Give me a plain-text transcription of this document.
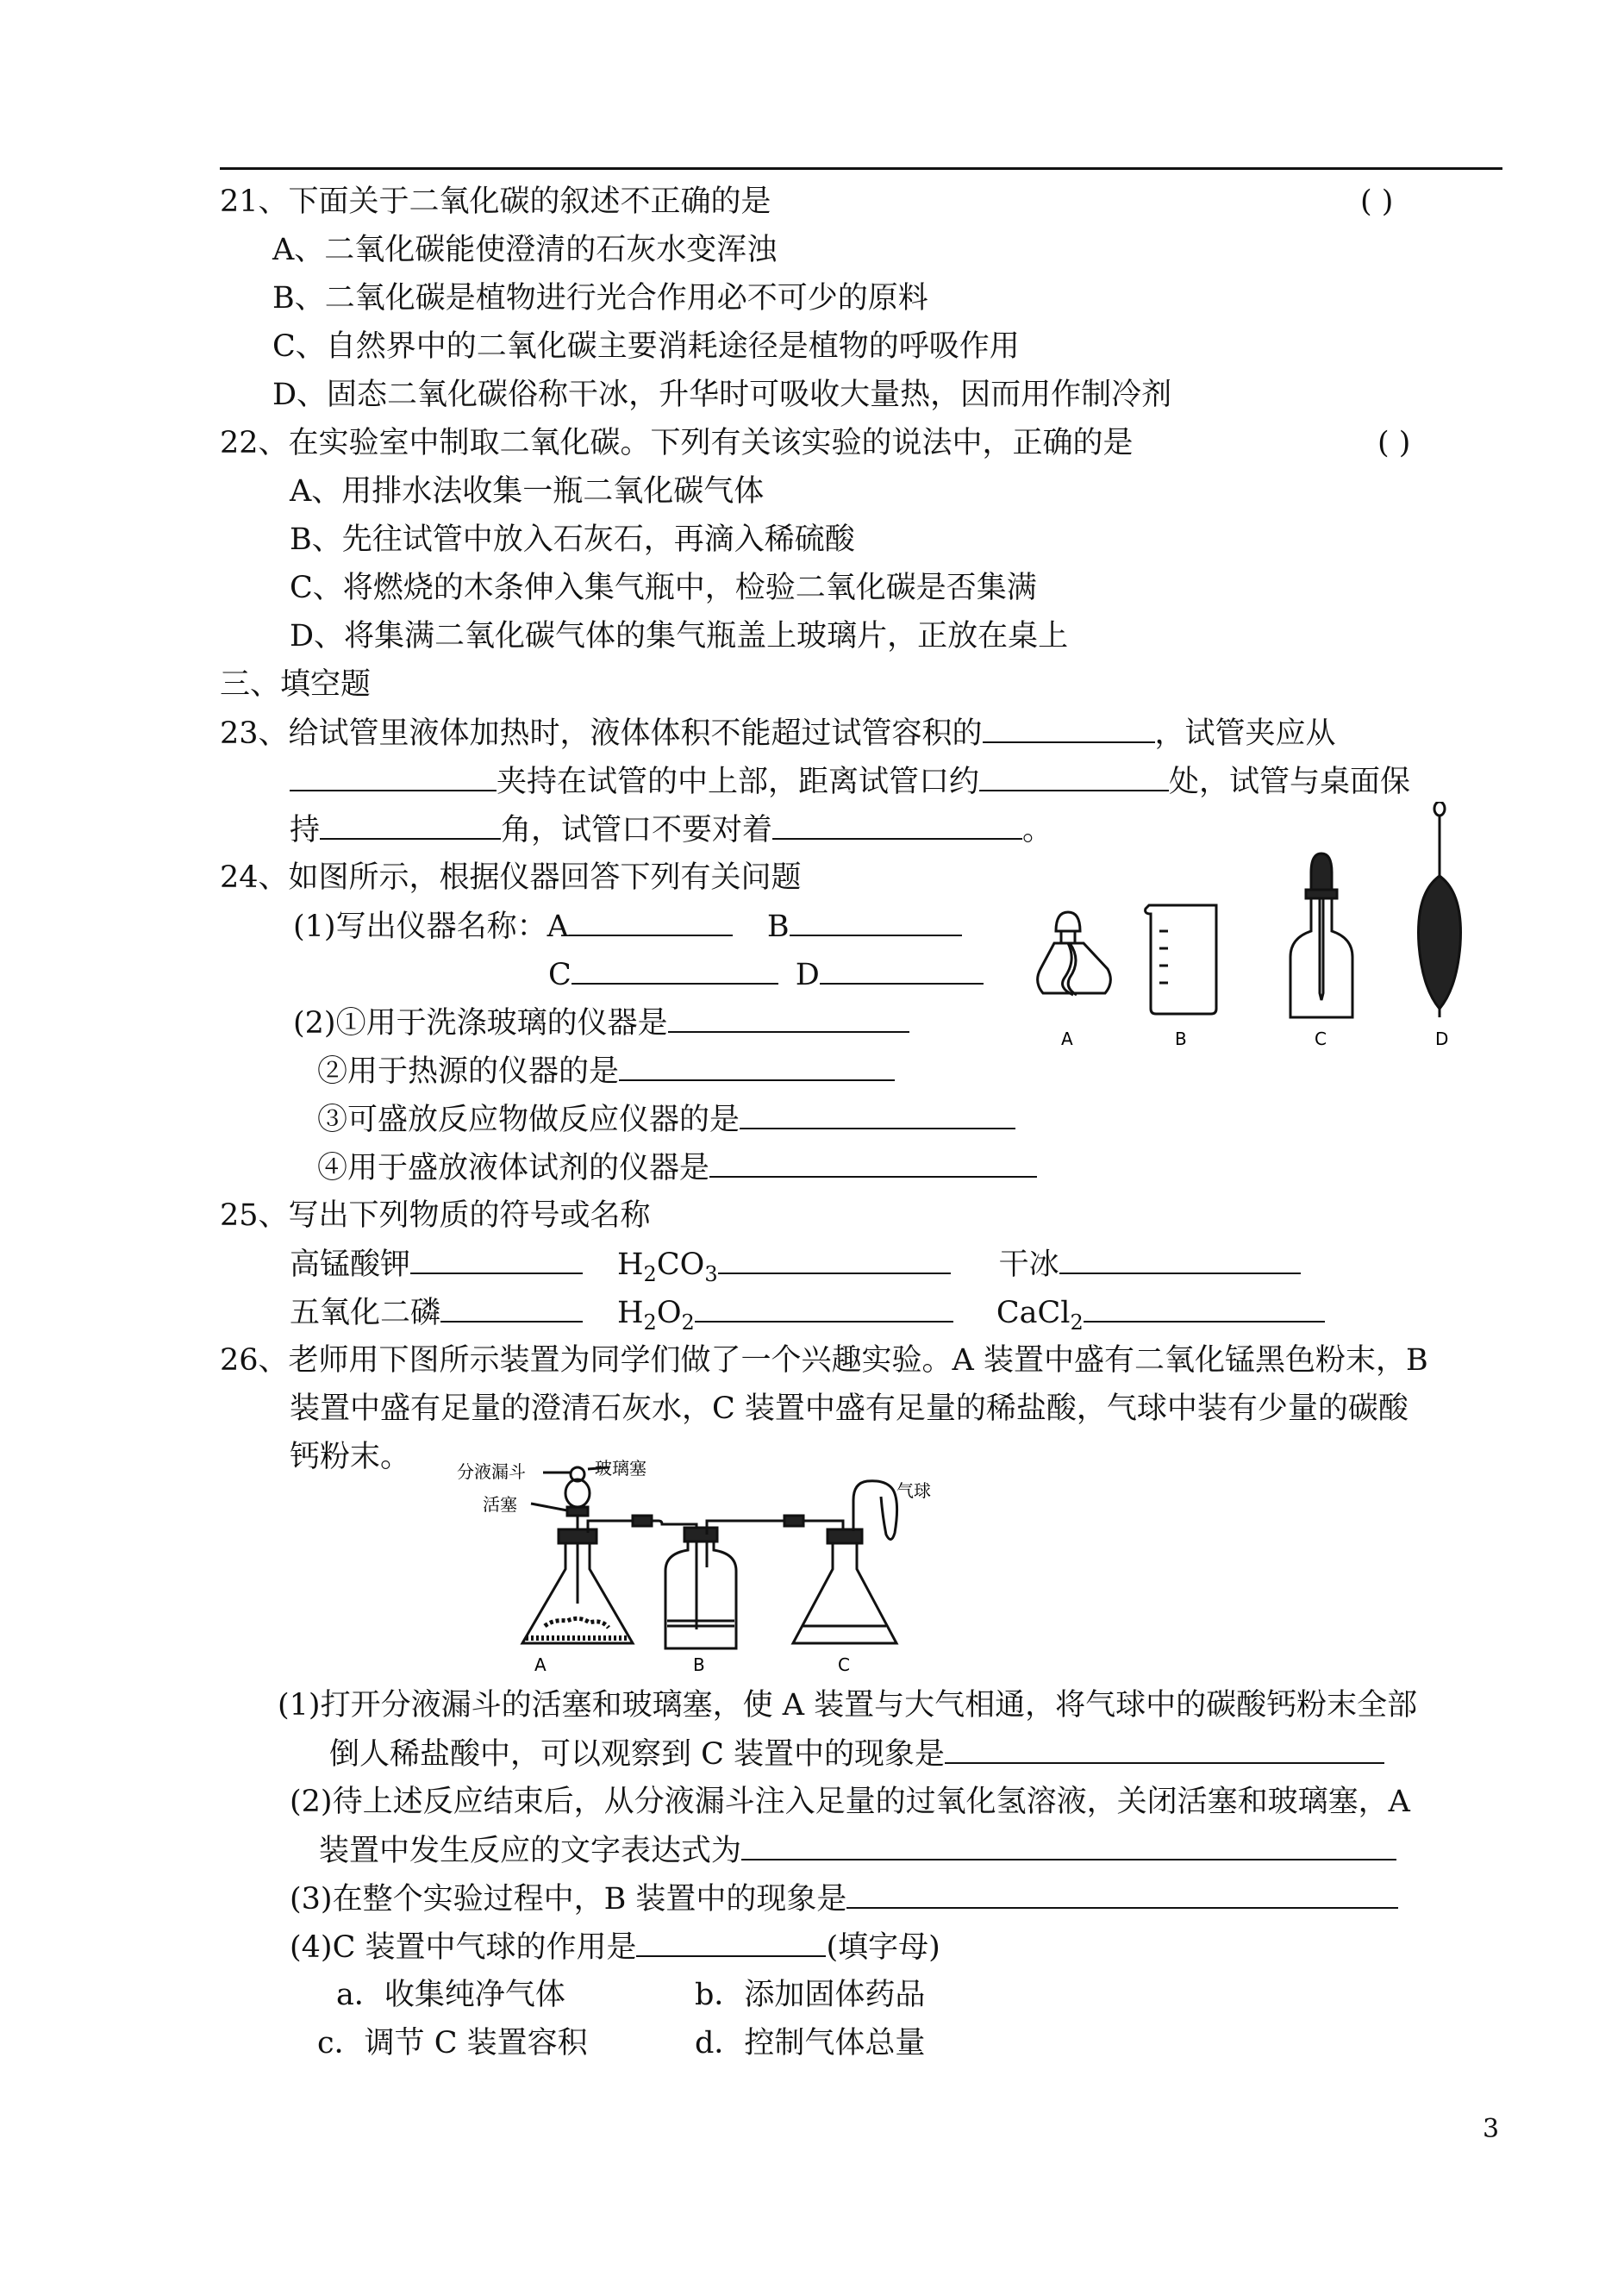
21、下面关于二氧化碳的叙述不正确的是	( )
A、二氧化碳能使澄清的石灰水变浑浊
B、二氧化碳是植物进行光合作用必不可少的原料
C、自然界中的二氧化碳主要消耗途径是植物的呼吸作用
D、固态二氧化碳俗称干冰，升华时可吸收大量热，因而用作制冷剂
22、在实验室中制取二氧化碳。下列有关该实验的说法中，正确的是	( )
A、用排水法收集一瓶二氧化碳气体
B、先往试管中放入石灰石，再滴入稀硫酸
C、将燃烧的木条伸入集气瓶中，检验二氧化碳是否集满
D、将集满二氧化碳气体的集气瓶盖上玻璃片，正放在桌上
三、填空题
23、给试管里液体加热时，液体体积不能超过试管容积的	，试管夹应从
夹持在试管的中上部，距离试管口约	处，试管与桌面保
持	角，试管口不要对着	。
24、如图所示，根据仪器回答下列有关问题
(1)写出仪器名称：A	B
C	D
(2)①用于洗涤玻璃的仪器是
②用于热源的仪器的是
③可盛放反应物做反应仪器的是
④用于盛放液体试剂的仪器是
A	B	C	D
25、写出下列物质的符号或名称
高锰酸钾	$H_2CO_3$	干冰
五氧化二磷	$H_2O_2$	CaCl$_2$
26、老师用下图所示装置为同学们做了一个兴趣实验。A 装置中盛有二氧化锰黑色粉末，B
装置中盛有足量的澄清石灰水，C 装置中盛有足量的稀盐酸，气球中装有少量的碳酸
钙粉末。	分液漏斗	玻璃塞
活塞
气球
A	B	C
(1)打开分液漏斗的活塞和玻璃塞，使 A 装置与大气相通，将气球中的碳酸钙粉末全部
倒人稀盐酸中，可以观察到 C 装置中的现象是
(2)待上述反应结束后，从分液漏斗注入足量的过氧化氢溶液，关闭活塞和玻璃塞，A
装置中发生反应的文字表达式为
(3)在整个实验过程中，B 装置中的现象是
(4)C 装置中气球的作用是	(填字母)
a．收集纯净气体	b．添加固体药品
c．调节 C 装置容积	d．控制气体总量
3
